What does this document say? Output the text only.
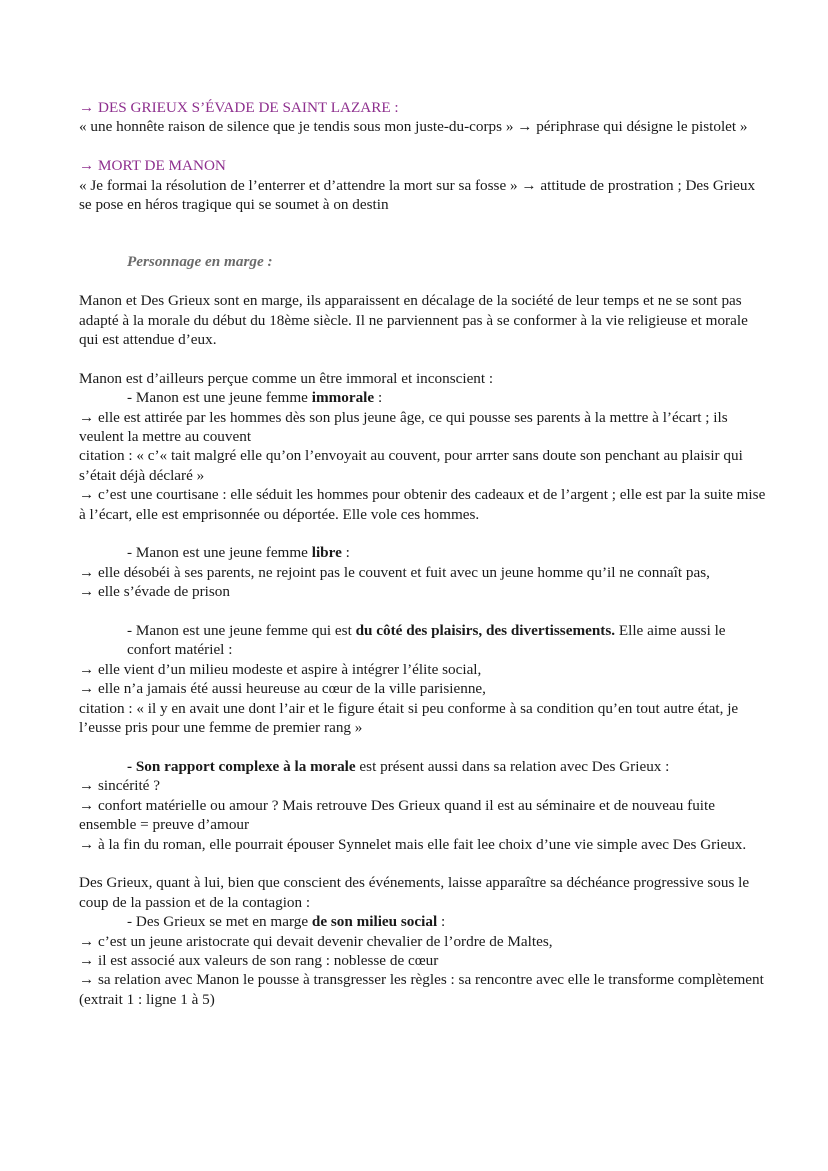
→ DES GRIEUX S’ÉVADE DE SAINT LAZARE :

« une honnête raison de silence que je tendis sous mon juste-du-corps » → périphrase qui désigne le pistolet »

→ MORT DE MANON

« Je formai la résolution de l’enterrer et d’attendre la mort sur sa fosse » → attitude de prostration ; Des Grieux se pose en héros tragique qui se soumet à on destin

Personnage en marge :

Manon et Des Grieux sont en marge, ils apparaissent en décalage de la société de leur temps et ne se sont pas adapté à la morale du début du 18ème siècle. Il ne parviennent pas à se conformer à la vie religieuse et morale qui est attendue d’eux.

Manon est d’ailleurs perçue comme un être immoral et inconscient :

- Manon est une jeune femme immorale :

→ elle est attirée par les hommes dès son plus jeune âge, ce qui pousse ses parents à la mettre à l’écart ; ils veulent la mettre au couvent

citation : « c’« tait malgré elle qu’on l’envoyait au couvent, pour arrter sans doute son penchant au plaisir qui s’était déjà déclaré »

→ c’est une courtisane : elle séduit les hommes pour obtenir des cadeaux et de l’argent ; elle est par la suite mise à l’écart, elle est emprisonnée ou déportée. Elle vole ces hommes.

- Manon est une jeune femme libre :

→ elle désobéi à ses parents, ne rejoint pas le couvent et fuit avec un jeune homme qu’il ne connaît pas,

→ elle s’évade de prison

- Manon est une jeune femme qui est du côté des plaisirs, des divertissements. Elle aime aussi le confort matériel :

→ elle vient d’un milieu modeste et aspire à intégrer l’élite social,

→ elle n’a jamais été aussi heureuse au cœur de la ville parisienne,

citation : « il y en avait une dont l’air et le figure était si peu conforme à sa condition qu’en tout autre état, je l’eusse pris pour une femme de premier rang »

- Son rapport complexe à la morale est présent aussi dans sa relation avec Des Grieux :

→ sincérité ?

→ confort matérielle ou amour ? Mais retrouve Des Grieux quand il est au séminaire et de nouveau fuite ensemble = preuve d’amour

→ à la fin du roman, elle pourrait épouser Synnelet mais elle fait lee choix d’une vie simple avec Des Grieux.

Des Grieux, quant à lui, bien que conscient des événements, laisse apparaître sa déchéance progressive sous le coup de la passion et de la contagion :

- Des Grieux se met en marge de son milieu social :

→ c’est un jeune aristocrate qui devait devenir chevalier de l’ordre de Maltes,

→ il est associé aux valeurs de son rang : noblesse de cœur

→ sa relation avec Manon le pousse à transgresser les règles : sa rencontre avec elle le transforme complètement (extrait 1 : ligne 1 à 5)
